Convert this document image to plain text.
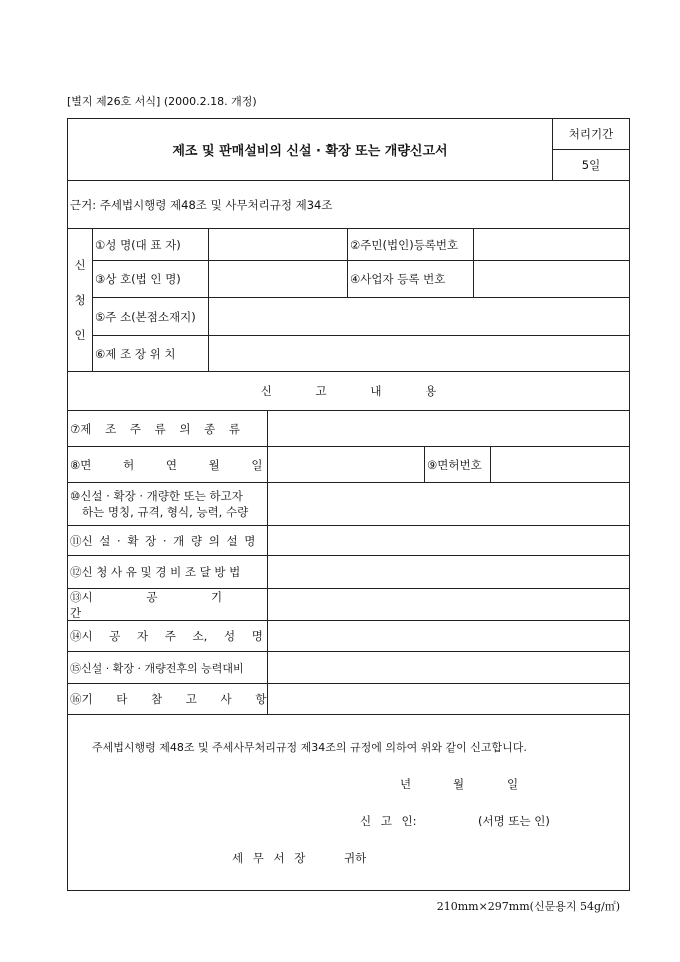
[별지 제26호 서식] (2000.2.18. 개정)
제조 및 판매설비의 신설 · 확장 또는 개량신고서
처리기간
5일
근거: 주세법시행령 제48조 및 사무처리규정 제34조
신
청
인
①성 명(대 표 자)	②주민(법인)등록번호
③상 호(법 인 명)	④사업자 등록 번호
⑤주 소(본점소재지)
⑥제 조 장 위 치
신 고 내 용
⑦제 조 주 류 의 종 류
⑧면 허 연 월 일	⑨면허번호
⑩신설 · 확장 · 개량한 또는 하고자
하는 명칭, 규격, 형식, 능력, 수량
⑪신 설 · 확 장 · 개 량 의 설 명
⑫신 청 사 유 및 경 비 조 달 방 법
⑬시 공 기 간
⑭시 공 자 주 소, 성 명
⑮신설 · 확장 · 개량전후의 능력대비
⑯기 타 참 고 사 항
주세법시행령 제48조 및 주세사무처리규정 제34조의 규정에 의하여 위와 같이 신고합니다.
년	월	일
신 고 인:	(서명 또는 인)
세 무 서 장    귀하
210mm×297mm(신문용지 54g/㎡)
